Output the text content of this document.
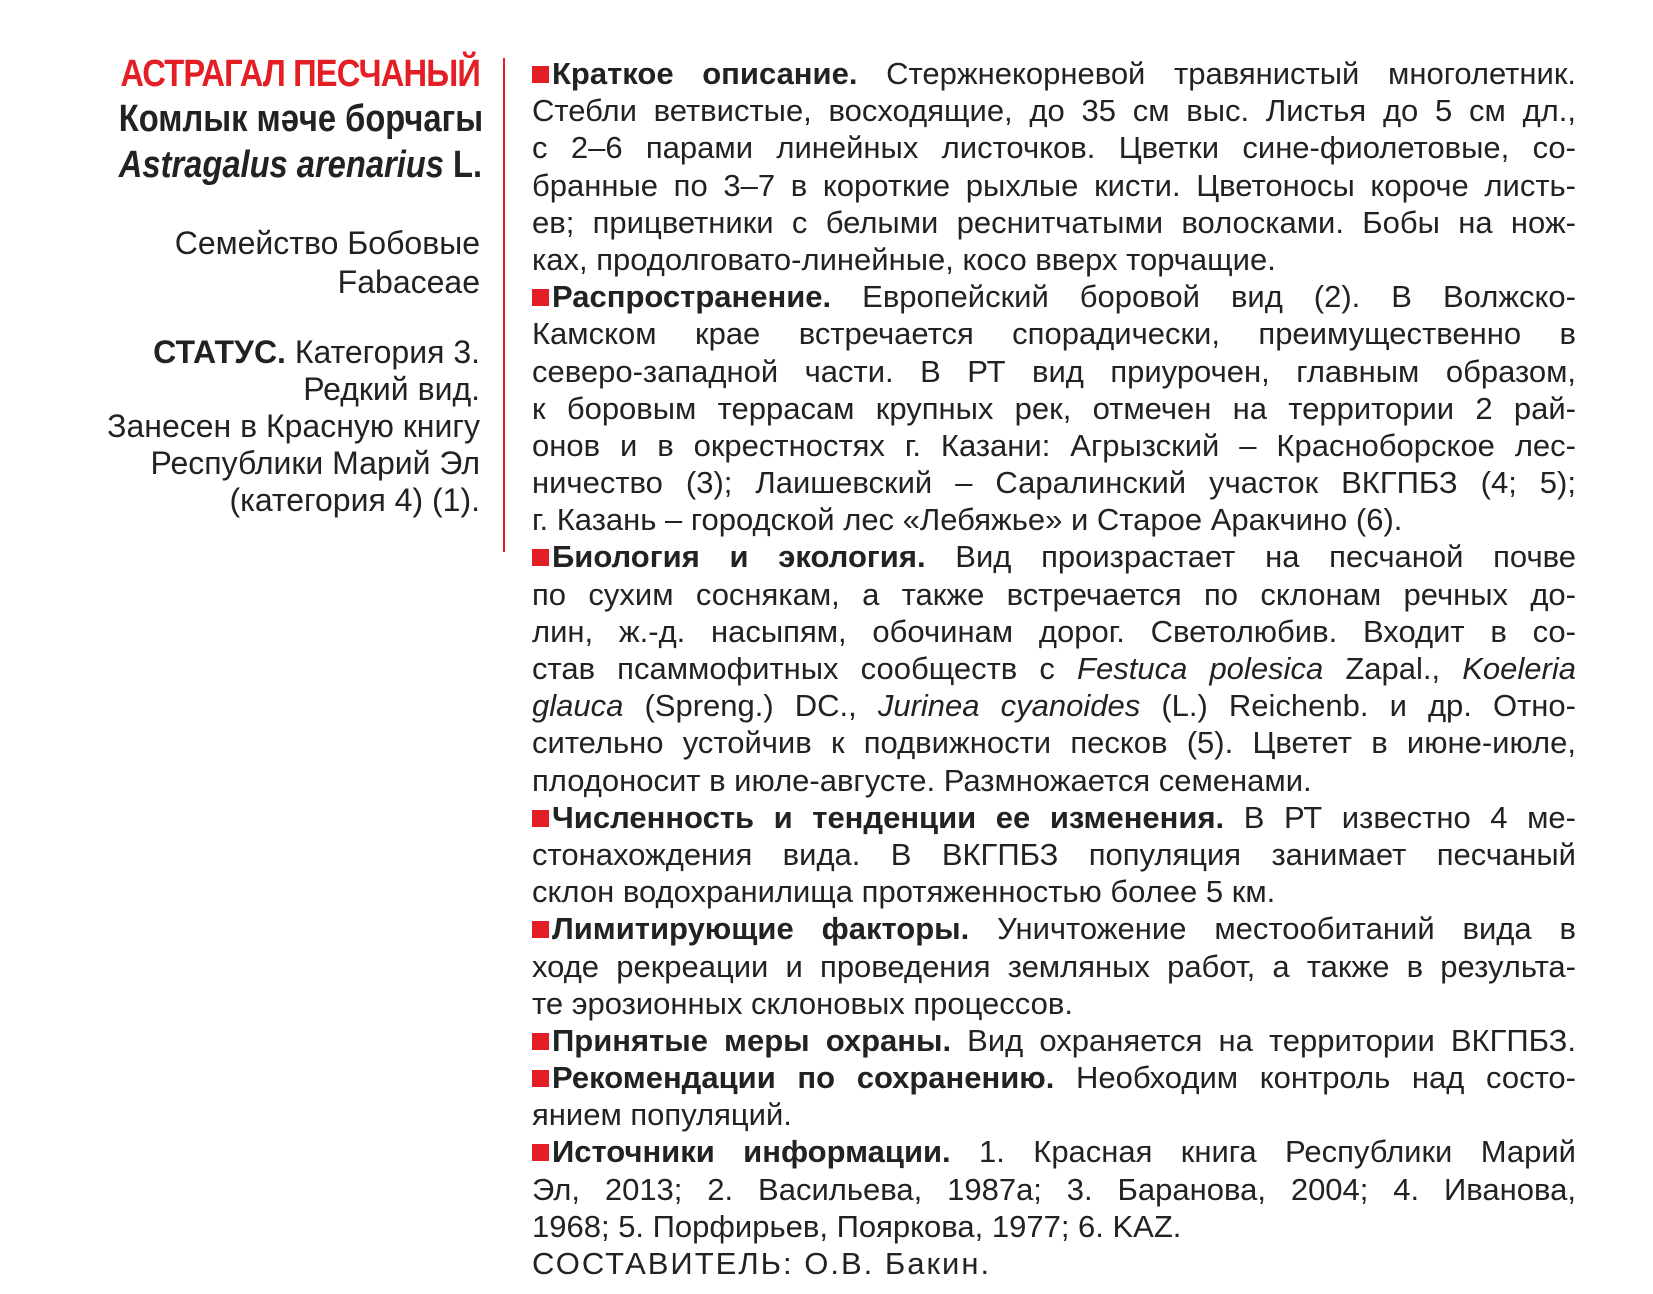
АСТРАГАЛ ПЕСЧАНЫЙ
Комлык мәче борчагы
Astragalus arenarius L.
Семейство Бобовые
Fabaceae
СТАТУС. Категория 3.
Редкий вид.
Занесен в Красную книгу
Республики Марий Эл
(категория 4) (1).
Краткое описание. Стержнекорневой травянистый многолетник.
Стебли ветвистые, восходящие, до 35 см выс. Листья до 5 см дл.,
с 2–6 парами линейных листочков. Цветки сине-фиолетовые, со-
бранные по 3–7 в короткие рыхлые кисти. Цветоносы короче листь-
ев; прицветники с белыми реснитчатыми волосками. Бобы на нож-
ках, продолговато-линейные, косо вверх торчащие.
Распространение. Европейский боровой вид (2). В Волжско-
Камском крае встречается спорадически, преимущественно в
северо-западной части. В РТ вид приурочен, главным образом,
к боровым террасам крупных рек, отмечен на территории 2 рай-
онов и в окрестностях г. Казани: Агрызский – Красноборское лес-
ничество (3); Лаишевский – Саралинский участок ВКГПБЗ (4; 5);
г. Казань – городской лес «Лебяжье» и Старое Аракчино (6).
Биология и экология. Вид произрастает на песчаной почве
по сухим соснякам, а также встречается по склонам речных до-
лин, ж.-д. насыпям, обочинам дорог. Светолюбив. Входит в со-
став псаммофитных сообществ с Festuca polesica Zapal., Koeleria
glauca (Spreng.) DC., Jurinea cyanoides (L.) Reichenb. и др. Отно-
сительно устойчив к подвижности песков (5). Цветет в июне-июле,
плодоносит в июле-августе. Размножается семенами.
Численность и тенденции ее изменения. В РТ известно 4 ме-
стонахождения вида. В ВКГПБЗ популяция занимает песчаный
склон водохранилища протяженностью более 5 км.
Лимитирующие факторы. Уничтожение местообитаний вида в
ходе рекреации и проведения земляных работ, а также в результа-
те эрозионных склоновых процессов.
Принятые меры охраны. Вид охраняется на территории ВКГПБЗ.
Рекомендации по сохранению. Необходим контроль над состо-
янием популяций.
Источники информации. 1. Красная книга Республики Марий
Эл, 2013; 2. Васильева, 1987а; 3. Баранова, 2004; 4. Иванова,
1968; 5. Порфирьев, Пояркова, 1977; 6. KAZ.
СОСТАВИТЕЛЬ: О.В. Бакин.
